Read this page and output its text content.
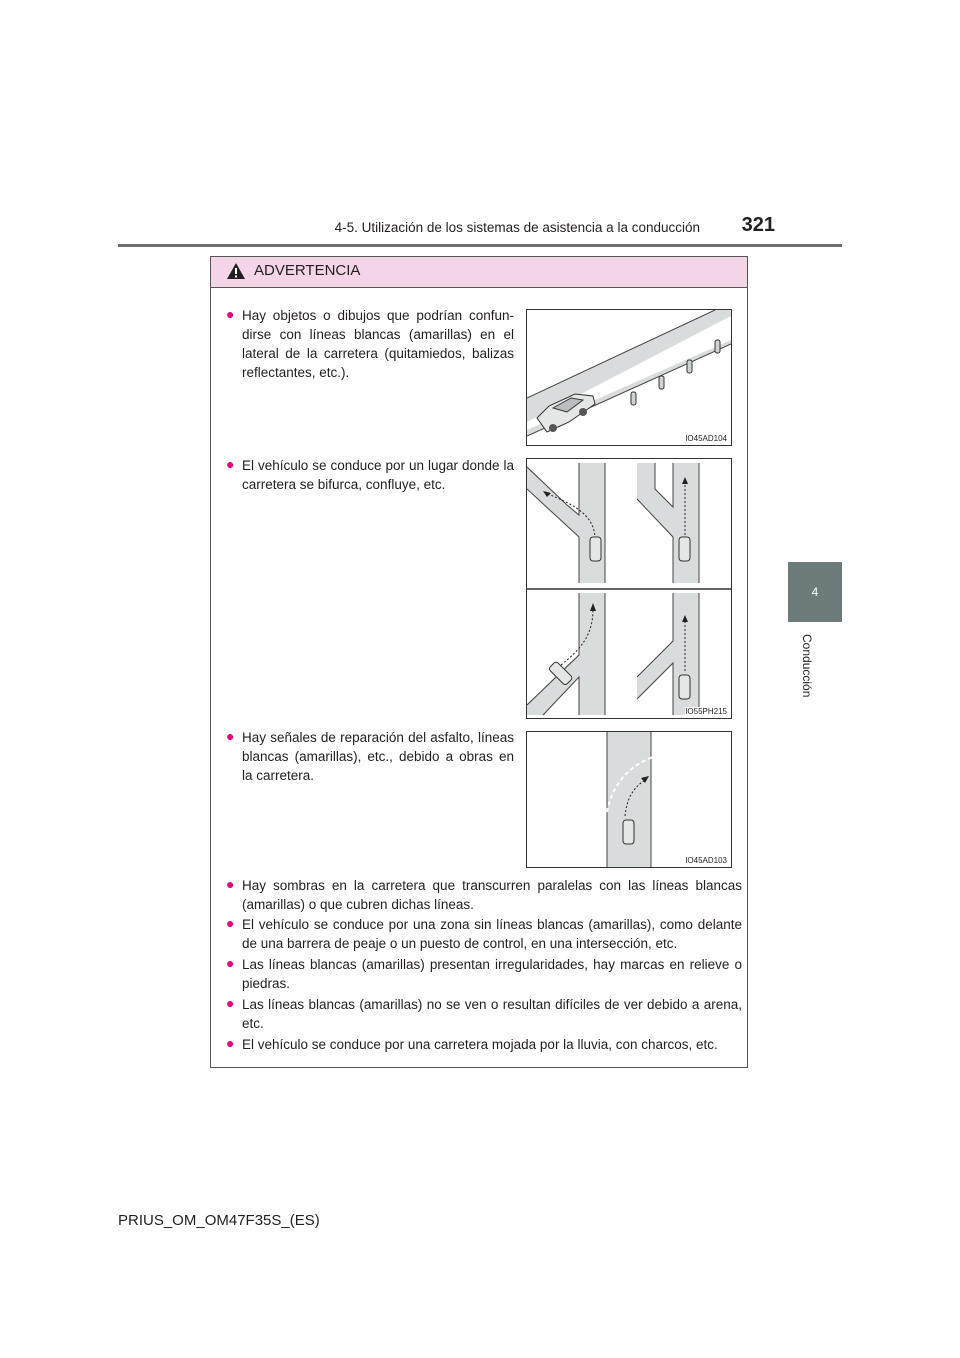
4-5. Utilización de los sistemas de asistencia a la conducción	321
4
Conducción
ADVERTENCIA
● Hay objetos o dibujos que podrían confun-dirse con líneas blancas (amarillas) en el lateral de la carretera (quitamiedos, balizas reflectantes, etc.).
IO45AD104
● El vehículo se conduce por un lugar donde la carretera se bifurca, confluye, etc.
IO55PH215
● Hay señales de reparación del asfalto, líneas blancas (amarillas), etc., debido a obras en la carretera.
IO45AD103
● Hay sombras en la carretera que transcurren paralelas con las líneas blancas (amarillas) o que cubren dichas líneas.
● El vehículo se conduce por una zona sin líneas blancas (amarillas), como delante de una barrera de peaje o un puesto de control, en una intersección, etc.
● Las líneas blancas (amarillas) presentan irregularidades, hay marcas en relieve o piedras.
● Las líneas blancas (amarillas) no se ven o resultan difíciles de ver debido a arena, etc.
● El vehículo se conduce por una carretera mojada por la lluvia, con charcos, etc.
PRIUS_OM_OM47F35S_(ES)
